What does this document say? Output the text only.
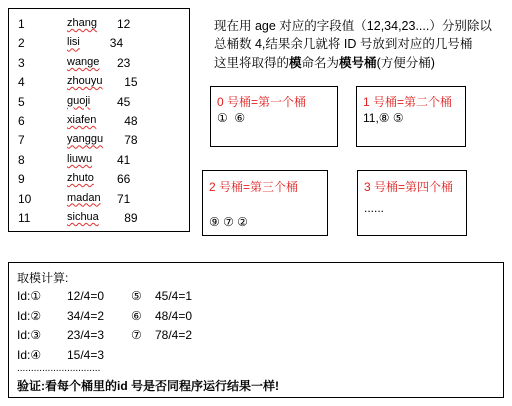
1	zhang 12
2	lisi 34
3	wange 23
4	zhouyu 15
5	guoji 45
6	xiafen 48
7	yanggu 78
8	liuwu 41
9	zhuto 66
10	madan 71
11	sichua 89
现在用 age 对应的字段值（12,34,23....）分别除以
总桶数 4,结果余几就将 ID 号放到对应的几号桶
这里将取得的模命名为模号桶(方便分桶)
0 号桶=第一个桶
①  ⑥
1 号桶=第二个桶
11,⑧ ⑤
2 号桶=第三个桶
⑨ ⑦ ②
3 号桶=第四个桶
......
取模计算:
Id:① 12/4=0 ⑤ 45/4=1
Id:② 34/4=2 ⑥ 48/4=0
Id:③ 23/4=3 ⑦ 78/4=2
Id:④ 15/4=3
..............................
验证:看每个桶里的id 号是否同程序运行结果一样!
